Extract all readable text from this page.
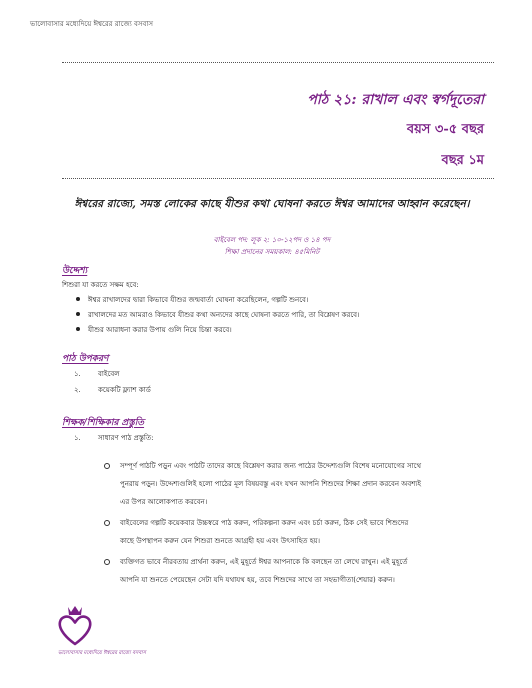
ভালোবাসার মধ্যেদিয়ে ঈশ্বরের রাজ্যে বসবাস
পাঠ ২১: রাখাল এবং স্বর্গদূতেরা
বয়স ৩-৫ বছর
বছর ১ম
ঈশ্বরের রাজ্যে, সমস্ত লোকের কাছে যীশুর কথা ঘোষনা করতে ঈশ্বর আমাদের আহ্বান করেছেন।
বাইবেল পদ: লূক ২: ১০-১২পদ ও ১৪ পদ
শিক্ষা প্রদানের সময়কাল: ৪৫মিনিট
উদ্দেশ্য
শিশুরা যা করতে সক্ষম হবে:
ঈশ্বর রাখালদের দ্বারা কিভাবে যীশুর জন্মবার্তা ঘোষনা করেছিলেন, গল্পটি শুনবে।
রাখালদের মত আমরাও কিভাবে যীশুর কথা অন্যদের কাছে ঘোষনা করতে পারি, তা বিশ্লেষণ করবে।
যীশুর আরাধনা করার উপায় গুলি নিয়ে চিন্তা করবে।
পাঠ উপকরণ
১. বাইবেল
২. কয়েকটি ফ্ল্যাশ কার্ড
শিক্ষক/শিক্ষিকার প্রস্তুতি
১. সাধারণ পাঠ প্রস্তুতি:
সম্পূর্ণ পাঠটি পড়ুন এবং পাঠটি তাদের কাছে বিশ্লেষণ করার জন্য পাঠের উদ্দেশ্যগুলি বিশেষ মনোযোগের সাথে
পুনরায় পড়ুন। উদ্দেশ্যগুলিই হলো পাঠের মূল বিষয়বস্তু এবং যখন আপনি শিশুদের শিক্ষা প্রদান করবেন অবশ্যই
এর উপর আলোকপাত করবেন।
বাইবেলের গল্পটি কয়েকবার উচ্চস্বরে পাঠ করুন, পরিকল্পনা করুন এবং চর্চা করুন, ঠিক সেই ভাবে শিশুদের
কাছে উপস্থাপন করুন যেন শিশুরা শুনতে আগ্রহী হয় এবং উৎসাহিত হয়।
ব্যক্তিগত ভাবে নীরবতায় প্রার্থনা করুন, এই মুহূর্তে ঈশ্বর আপনাকে কি বলছেন তা লেখে রাখুন। এই মুহূর্তে
আপনি যা শুনতে পেয়েছেন সেটা যদি যথাযথ হয়, তবে শিশুদের সাথে তা সহভাগীতা(শেয়ার) করুন।
ভালোবাসার মধ্যেদিয়ে ঈশ্বরের রাজ্যে বসবাস
